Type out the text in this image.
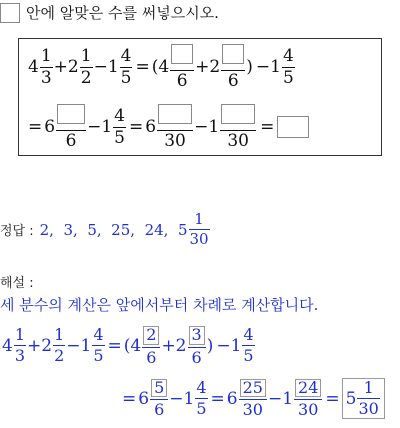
안에 알맞은 수를 써넣으시오.
$4 \frac{1}{3} + 2 \frac{1}{2} - 1 \frac{4}{5} = (4$
6
+2
6
) − $1 \frac{4}{5}$
= 6
6
− $1 \frac{4}{5} = 6$
30
− 1
30
=
정답 : 2,  3,  5,  25,  24,  $5 \frac{1}{30}$
해설 :
세 분수의 계산은 앞에서부터 차례로 계산합니다.
$4 \frac{1}{3} + 2 \frac{1}{2} - 1 \frac{4}{5} = (4 \frac{2}{6} +2 \frac{3}{6}$ ) − $1 \frac{4}{5}$
= $6 \frac{5}{6} - 1 \frac{4}{5} = 6 \frac{25}{30} - 1 \frac{24}{30} = 5 \frac{1}{30}$
